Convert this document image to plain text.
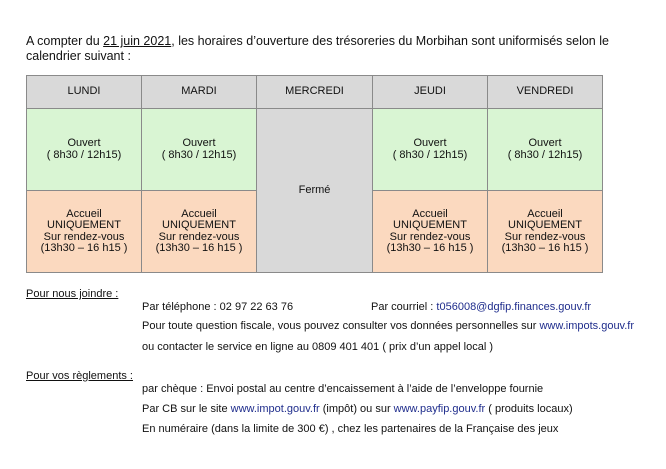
A compter du 21 juin 2021, les horaires d’ouverture des trésoreries du Morbihan sont uniformisés selon le calendrier suivant :
LUNDI	MARDI	MERCREDI	JEUDI	VENDREDI

Ouvert
( 8h30 / 12h15)	Ouvert
( 8h30 / 12h15)	Fermé	Ouvert
( 8h30 / 12h15)	Ouvert
( 8h30 / 12h15)

Accueil
UNIQUEMENT
Sur rendez-vous
(13h30 – 16 h15 )	Accueil
UNIQUEMENT
Sur rendez-vous
(13h30 – 16 h15 )		Accueil
UNIQUEMENT
Sur rendez-vous
(13h30 – 16 h15 )	Accueil
UNIQUEMENT
Sur rendez-vous
(13h30 – 16 h15 )
Pour nous joindre :
Par téléphone : 02 97 22 63 76	Par courriel : t056008@dgfip.finances.gouv.fr
Pour toute question fiscale, vous pouvez consulter vos données personnelles sur www.impots.gouv.fr
ou contacter le service en ligne au 0809 401 401 ( prix d’un appel local )
Pour vos règlements :
par chèque : Envoi postal au centre d’encaissement à l’aide de l’enveloppe fournie
Par CB sur le site www.impot.gouv.fr (impôt) ou sur www.payfip.gouv.fr ( produits locaux)
En numéraire (dans la limite de 300 €) , chez les partenaires de la Française des jeux
